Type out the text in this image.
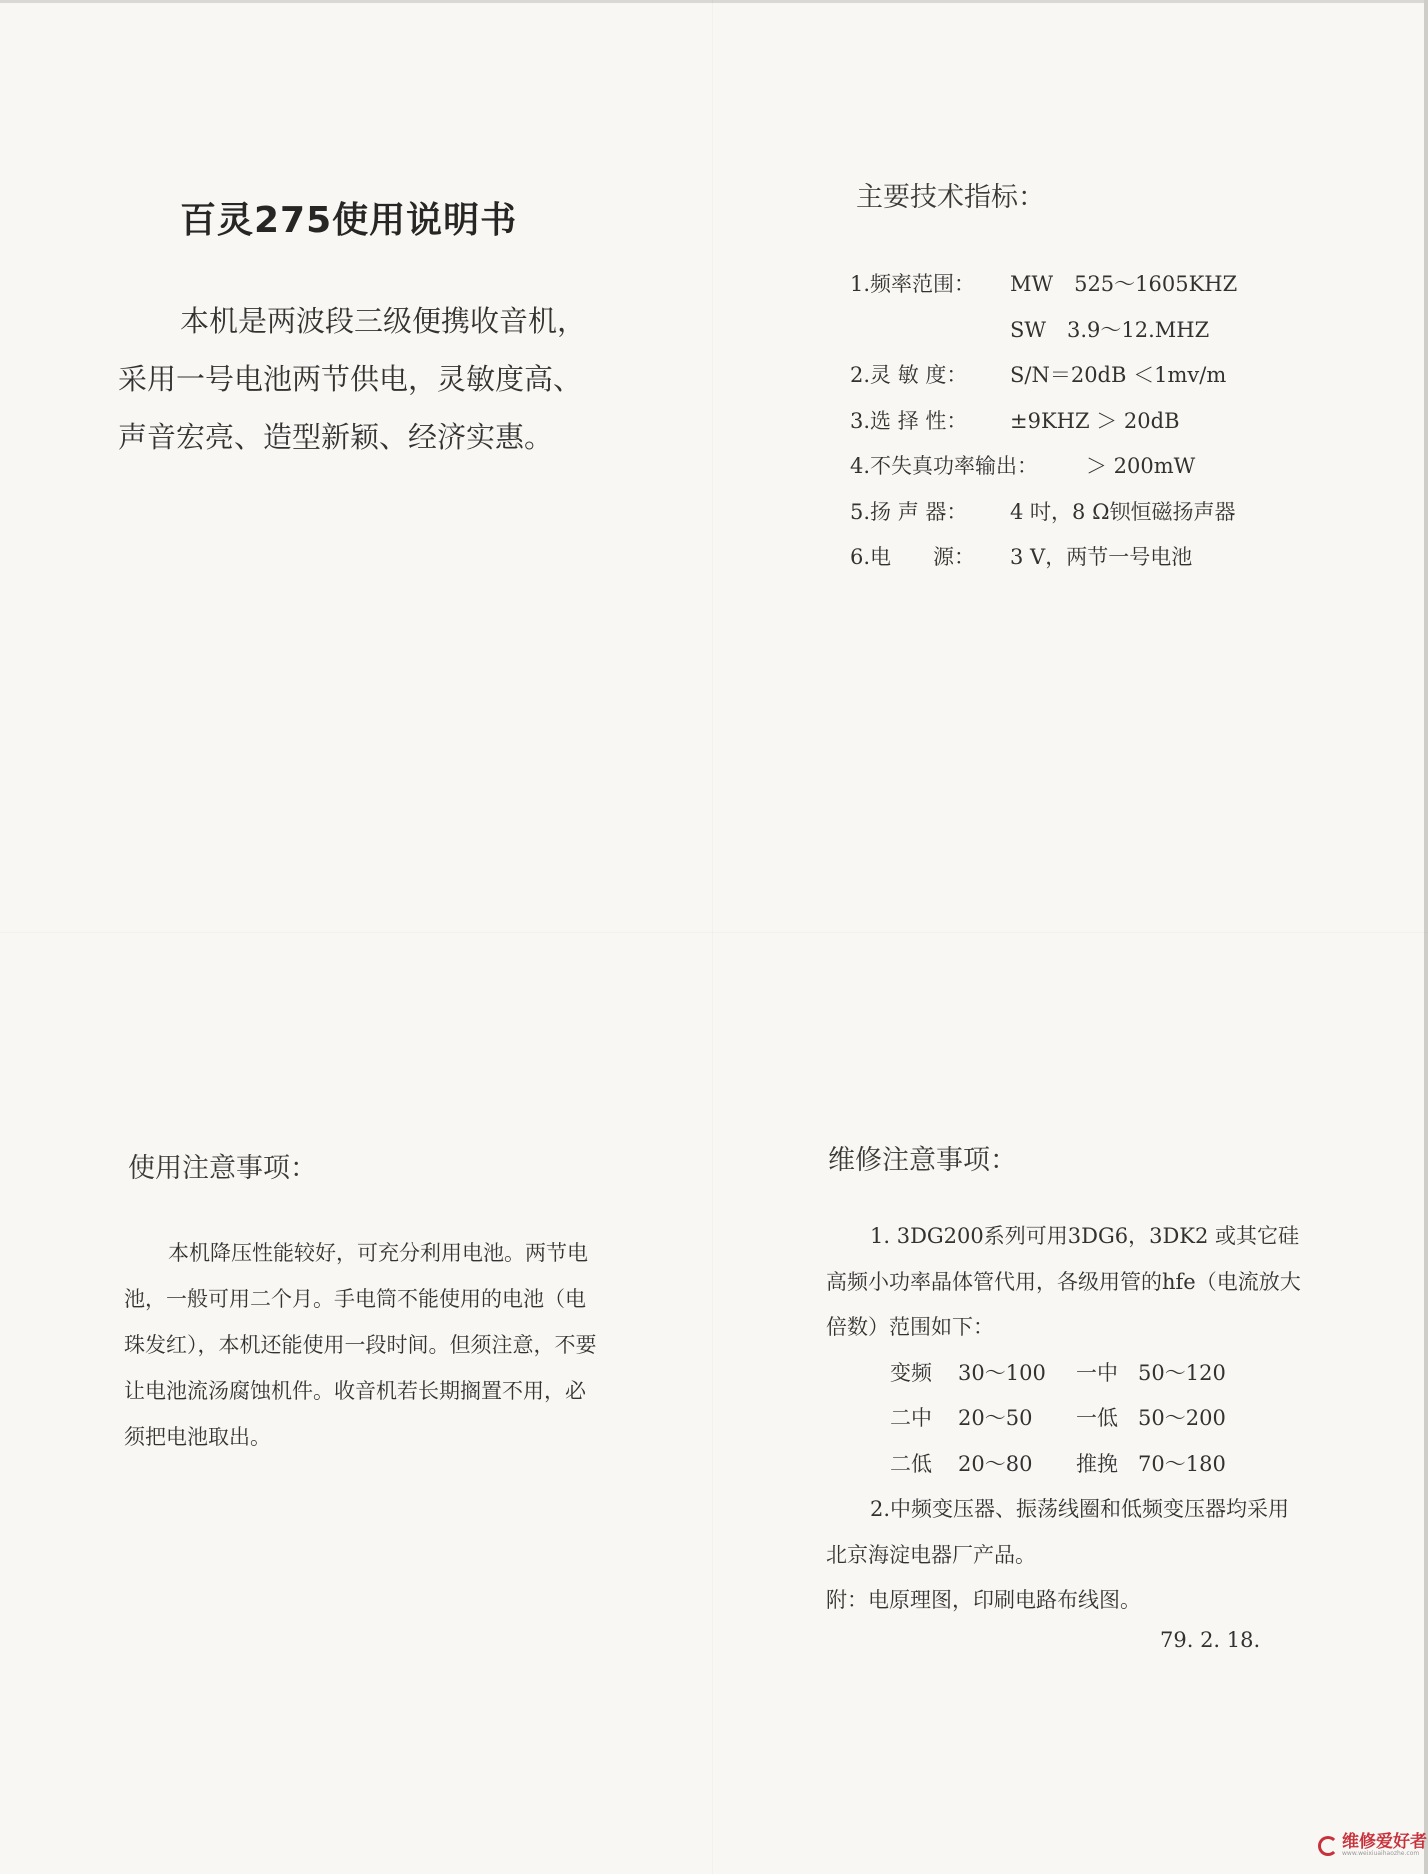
百灵275使用说明书

本机是两波段三级便携收音机，

采用一号电池两节供电，灵敏度高、

声音宏亮、造型新颖、经济实惠。

主要技术指标：
1.频率范围： MW　525～1605KHZ
SW　3.9～12.MHZ
2.灵 敏 度： S/N＝20dB ＜1mv/m
3.选 择 性： ±9KHZ ＞ 20dB
4.不失真功率输出： ＞ 200mW
5.扬 声 器： 4 吋，8 Ω钡恒磁扬声器
6.电　　源： 3 V，两节一号电池
使用注意事项：

本机降压性能较好，可充分利用电池。两节电池，一般可用二个月。手电筒不能使用的电池（电珠发红），本机还能使用一段时间。但须注意，不要让电池流汤腐蚀机件。收音机若长期搁置不用，必须把电池取出。

维修注意事项：

1. 3DG200系列可用3DG6，3DK2 或其它硅高频小功率晶体管代用，各级用管的hfe（电流放大倍数）范围如下：

变频 30～100 一中 50～120
二中 20～50 一低 50～200
二低 20～80 推挽 70～180

2.中频变压器、振荡线圈和低频变压器均采用北京海淀电器厂产品。

附：电原理图，印刷电路布线图。

79. 2. 18.
维修爱好者
www.weixiuaihaozhe.com
